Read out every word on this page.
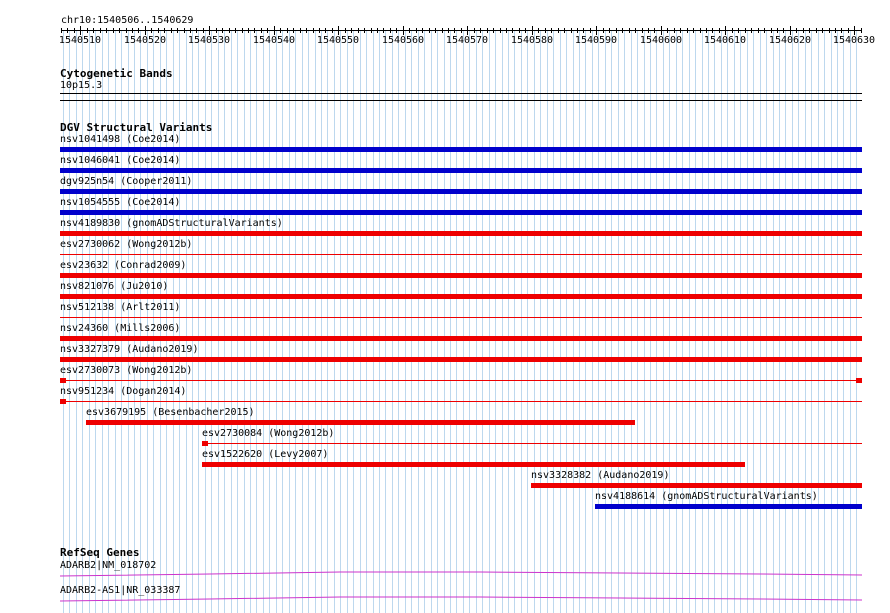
chr10:1540506..1540629
1540510 1540520 1540530 1540540 1540550 1540560 1540570 1540580 1540590 1540600 1540610 1540620 1540630
Cytogenetic Bands
10p15.3
DGV Structural Variants
nsv1041498 (Coe2014)
nsv1046041 (Coe2014)
dgv925n54 (Cooper2011)
nsv1054555 (Coe2014)
nsv4189830 (gnomADStructuralVariants)
esv2730062 (Wong2012b)
esv23632 (Conrad2009)
nsv821076 (Ju2010)
nsv512138 (Arlt2011)
nsv24360 (Mills2006)
nsv3327379 (Audano2019)
esv2730073 (Wong2012b)
nsv951234 (Dogan2014)
esv3679195 (Besenbacher2015)
esv2730084 (Wong2012b)
esv1522620 (Levy2007)
nsv3328382 (Audano2019)
nsv4188614 (gnomADStructuralVariants)
RefSeq Genes
ADARB2|NM_018702
ADARB2-AS1|NR_033387
